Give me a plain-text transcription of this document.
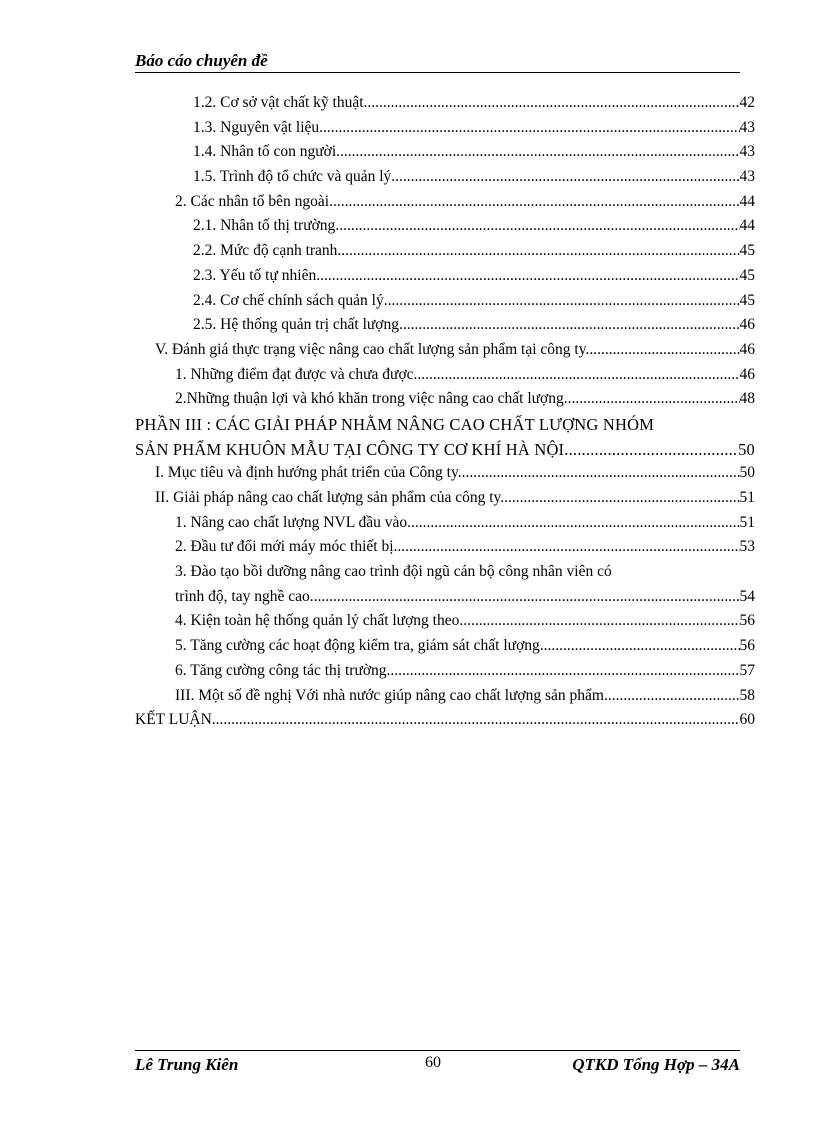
Báo cáo chuyên đề
1.2. Cơ sở vật chất kỹ thuật .....	42
1.3. Nguyên vật liệu .....	43
1.4. Nhân tố con người .....	43
1.5. Trình độ tổ chức và quản lý .....	43
2. Các nhân tố bên ngoài .....	44
2.1. Nhân tố thị trường .....	44
2.2. Mức độ cạnh tranh .....	45
2.3. Yếu tố tự nhiên .....	45
2.4. Cơ chế chính sách quản lý .....	45
2.5. Hệ thống quản trị chất lượng .....	46
V. Đánh giá thực trạng việc nâng cao chất lượng sản phẩm tại công ty. .....	46
1. Những điểm đạt được và chưa được. .....	46
2.Những thuận lợi và khó khăn trong việc nâng cao chất lượng. .....	48
PHẦN III : CÁC GIẢI PHÁP NHẰM NÂNG CAO CHẤT LƯỢNG NHÓM
SẢN PHẨM KHUÔN MẪU TẠI CÔNG TY CƠ KHÍ HÀ NỘI. .....	50
I. Mục tiêu và định hướng phát triển của Công ty. .....	50
II. Giải pháp nâng cao chất lượng sản phẩm của công ty. .....	51
1. Nâng cao chất lượng NVL đầu vào. .....	51
2. Đầu tư đổi mới máy móc thiết bị. .....	53
3. Đào tạo bồi dưỡng nâng cao trình đội ngũ cán bộ công nhân viên có
trình độ, tay nghề cao. .....	54
4. Kiện toàn hệ thống quản lý chất lượng theo .....	56
5. Tăng cường các hoạt động kiểm tra, giám sát chất lượng. .....	56
6. Tăng cường công tác thị trường. .....	57
III. Một số đề nghị Với nhà nước giúp nâng cao chất lượng sản phẩm. .....	58
KẾT LUẬN .....	60
Lê Trung Kiên	60	QTKD Tổng Hợp – 34A
